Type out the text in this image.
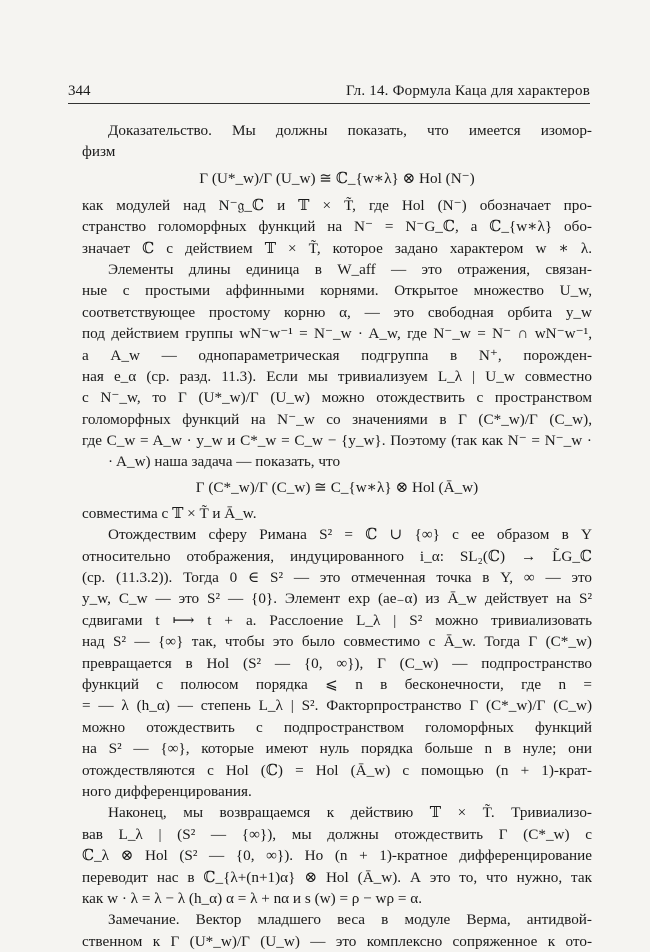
344	Гл. 14. Формула Каца для характеров
Доказательство. Мы должны показать, что имеется изомор-
физм
Γ (U*_w)/Γ (U_w) ≅ ℂ_{w∗λ} ⊗ Hol (N⁻)
как модулей над N⁻𝔤_ℂ и 𝕋 × T̃, где Hol (N⁻) обозначает про-
странство голоморфных функций на N⁻ = N⁻G_ℂ, а ℂ_{w∗λ} обо-
значает ℂ с действием 𝕋 × T̃, которое задано характером w ∗ λ.
Элементы длины единица в W_aff — это отражения, связан-
ные с простыми аффинными корнями. Открытое множество U_w,
соответствующее простому корню α, — это свободная орбита y_w
под действием группы wN⁻w⁻¹ = N⁻_w · A_w, где N⁻_w = N⁻ ∩ wN⁻w⁻¹,
а A_w — однопараметрическая подгруппа в N⁺, порожден-
ная e_α (ср. разд. 11.3). Если мы тривиализуем L_λ | U_w совместно
с N⁻_w, то Γ (U*_w)/Γ (U_w) можно отождествить с пространством
голоморфных функций на N⁻_w со значениями в Γ (C*_w)/Γ (C_w),
где C_w = A_w · y_w и C*_w = C_w − {y_w}. Поэтому (так как N⁻ = N⁻_w ·
· A_w) наша задача — показать, что
Γ (C*_w)/Γ (C_w) ≅ C_{w∗λ} ⊗ Hol (Ā_w)
совместима с 𝕋 × T̃ и Ā_w.
Отождествим сферу Римана S² = ℂ ∪ {∞} с ее образом в Y
относительно отображения, индуцированного i_α: SL₂(ℂ) → L̃G_ℂ
(ср. (11.3.2)). Тогда 0 ∈ S² — это отмеченная точка в Y, ∞ — это
y_w, C_w — это S² — {0}. Элемент exp (ae₋α) из Ā_w действует на S²
сдвигами t ⟼ t + a. Расслоение L_λ | S² можно тривиализовать
над S² — {∞} так, чтобы это было совместимо с Ā_w. Тогда Γ (C*_w)
превращается в Hol (S² — {0, ∞}), Γ (C_w) — подпространство
функций с полюсом порядка ⩽ n в бесконечности, где n =
= — λ (h_α) — степень L_λ | S². Факторпространство Γ (C*_w)/Γ (C_w)
можно отождествить с подпространством голоморфных функций
на S² — {∞}, которые имеют нуль порядка больше n в нуле; они
отождествляются с Hol (ℂ) = Hol (Ā_w) с помощью (n + 1)-крат-
ного дифференцирования.
Наконец, мы возвращаемся к действию 𝕋 × T̃. Тривиализо-
вав L_λ | (S² — {∞}), мы должны отождествить Γ (C*_w) с
ℂ_λ ⊗ Hol (S² — {0, ∞}). Но (n + 1)-кратное дифференцирование
переводит нас в ℂ_{λ+(n+1)α} ⊗ Hol (Ā_w). А это то, что нужно, так
как w · λ = λ − λ (h_α) α = λ + nα и s (w) = ρ − wρ = α.
Замечание. Вектор младшего веса в модуле Верма, антидвой-
ственном к Γ (U*_w)/Γ (U_w) — это комплексно сопряженное к ото-
